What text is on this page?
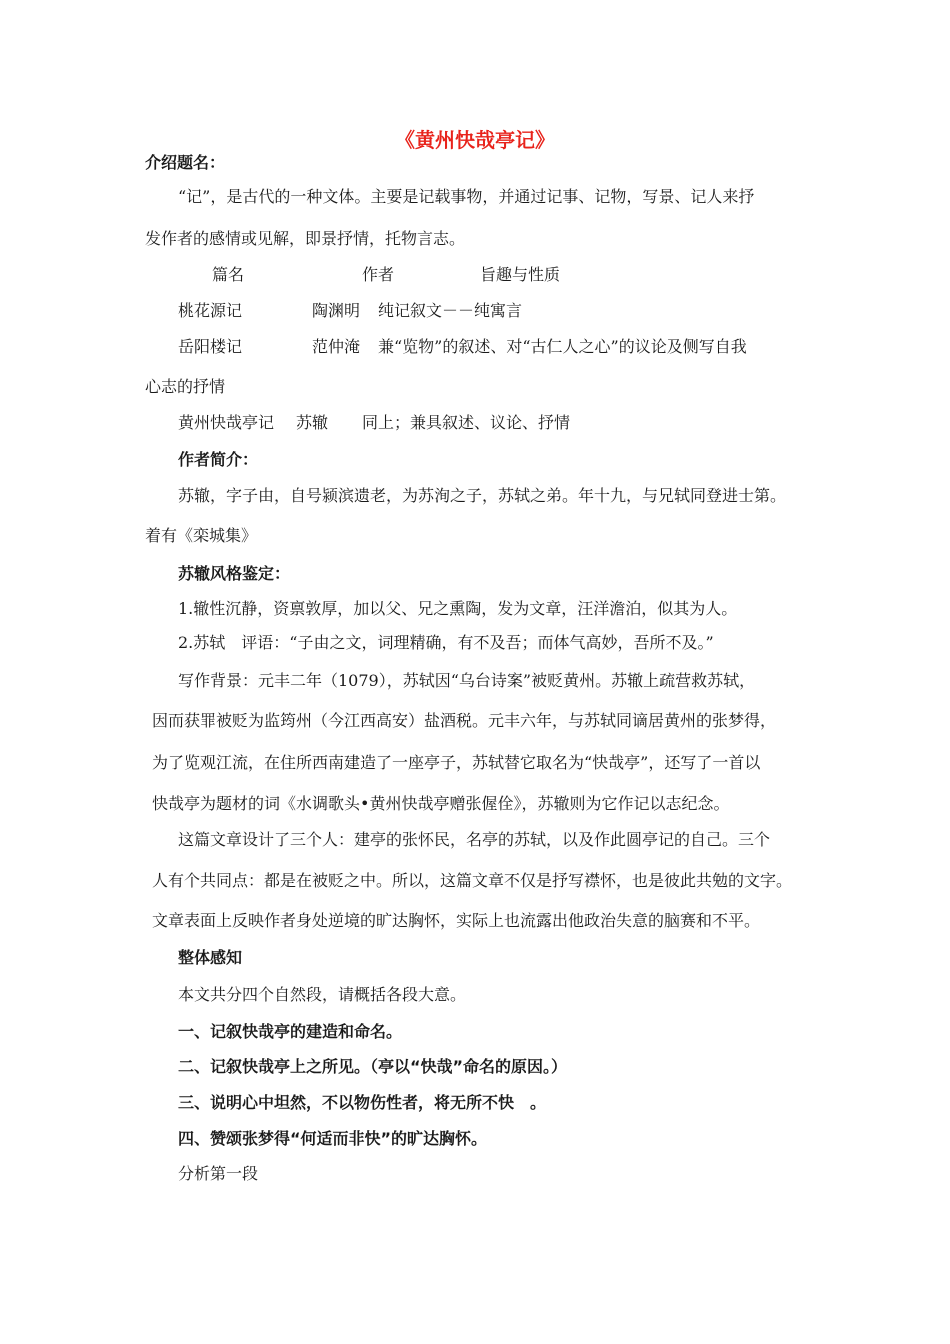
《黄州快哉亭记》
介绍题名：
“记”，是古代的一种文体。主要是记载事物，并通过记事、记物，写景、记人来抒
发作者的感情或见解，即景抒情，托物言志。
篇名	作者	旨趣与性质
桃花源记	陶渊明 纯记叙文－－纯寓言
岳阳楼记	范仲淹 兼“览物”的叙述、对“古仁人之心”的议论及侧写自我
心志的抒情
黄州快哉亭记 苏辙 同上；兼具叙述、议论、抒情
作者简介：
苏辙，字子由，自号颍滨遗老，为苏洵之子，苏轼之弟。年十九，与兄轼同登进士第。
着有《栾城集》
苏辙风格鉴定：
1.辙性沉静，资禀敦厚，加以父、兄之熏陶，发为文章，汪洋澹泊，似其为人。
2.苏轼　评语：“子由之文，词理精确，有不及吾；而体气高妙，吾所不及。”
写作背景：元丰二年（1079），苏轼因“乌台诗案”被贬黄州。苏辙上疏营救苏轼，
因而获罪被贬为监筠州（今江西高安）盐酒税。元丰六年，与苏轼同谪居黄州的张梦得，
为了览观江流，在住所西南建造了一座亭子，苏轼替它取名为“快哉亭”，还写了一首以
快哉亭为题材的词《水调歌头•黄州快哉亭赠张偓佺》，苏辙则为它作记以志纪念。
这篇文章设计了三个人：建亭的张怀民，名亭的苏轼，以及作此圆亭记的自己。三个
人有个共同点：都是在被贬之中。所以，这篇文章不仅是抒写襟怀，也是彼此共勉的文字。
文章表面上反映作者身处逆境的旷达胸怀，实际上也流露出他政治失意的脑赛和不平。
整体感知
本文共分四个自然段，请概括各段大意。
一、记叙快哉亭的建造和命名。
二、记叙快哉亭上之所见。（亭以“快哉”命名的原因。）
三、说明心中坦然，不以物伤性者，将无所不快　。
四、赞颂张梦得“何适而非快”的旷达胸怀。
分析第一段
